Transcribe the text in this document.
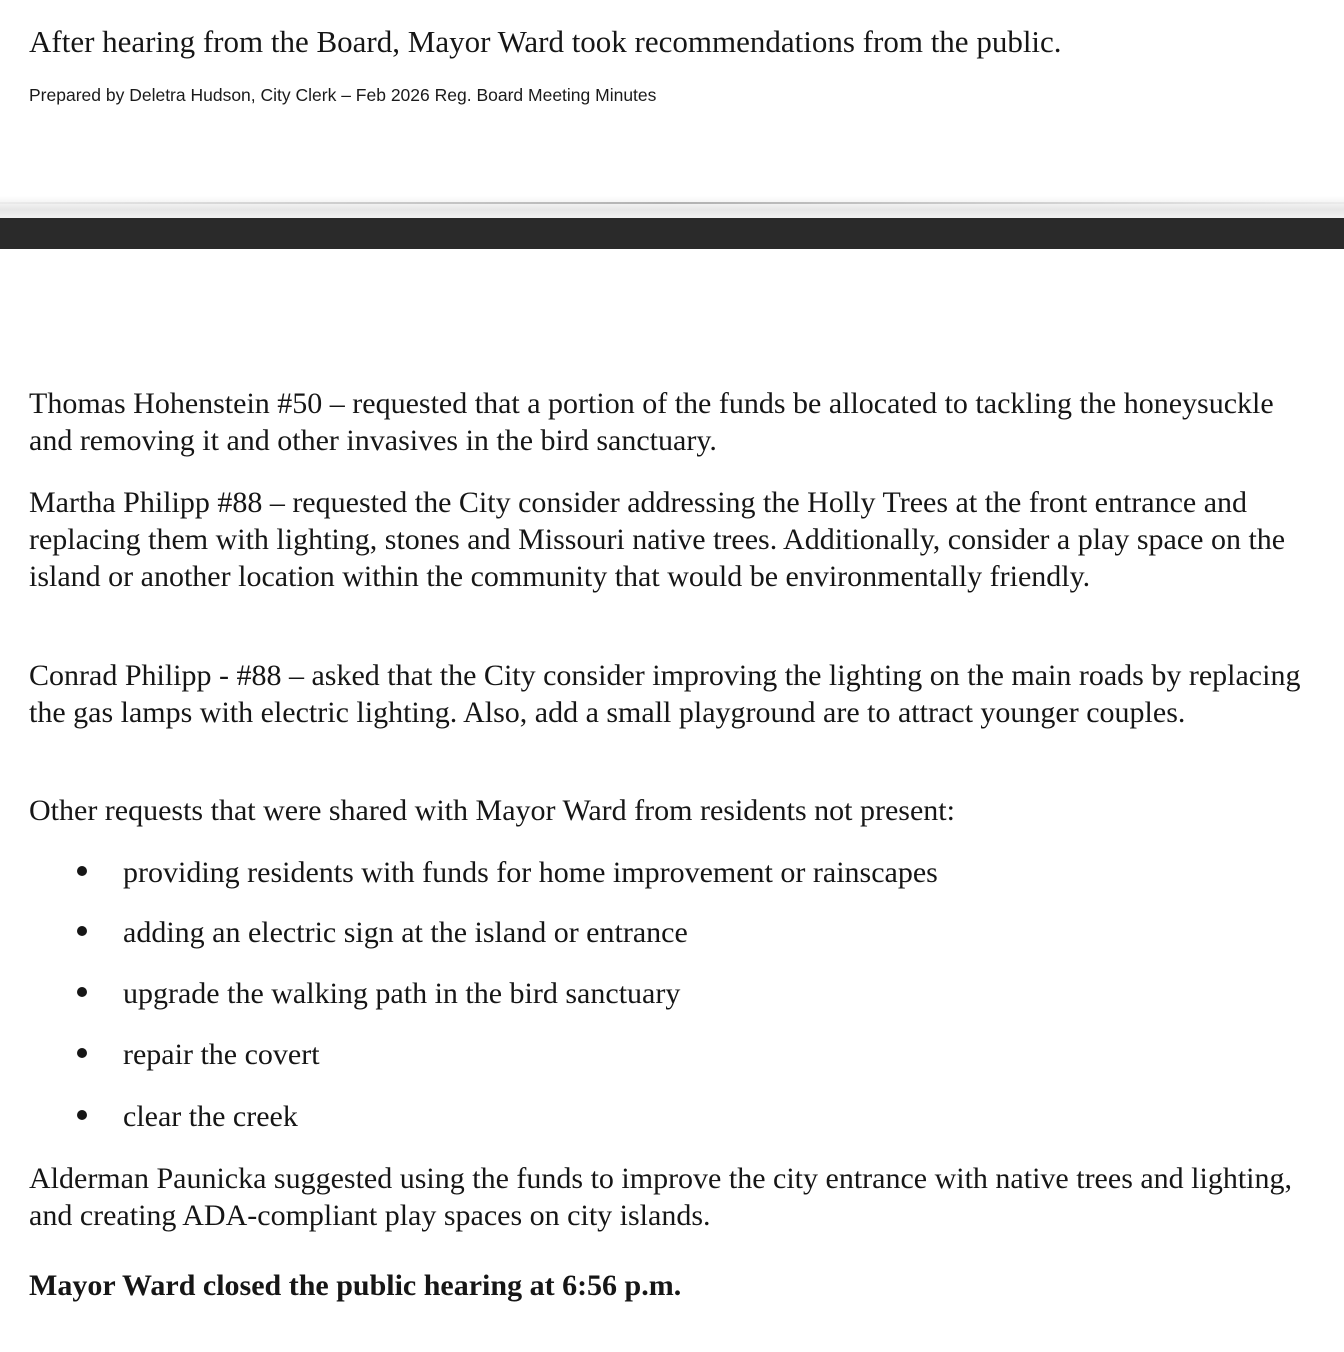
After hearing from the Board, Mayor Ward took recommendations from the public.
Prepared by Deletra Hudson, City Clerk – Feb 2026 Reg. Board Meeting Minutes

Thomas Hohenstein #50 – requested that a portion of the funds be allocated to tackling the honeysuckle and removing it and other invasives in the bird sanctuary.

Martha Philipp #88 – requested the City consider addressing the Holly Trees at the front entrance and replacing them with lighting, stones and Missouri native trees. Additionally, consider a play space on the island or another location within the community that would be environmentally friendly.

Conrad Philipp - #88 – asked that the City consider improving the lighting on the main roads by replacing the gas lamps with electric lighting. Also, add a small playground are to attract younger couples.

Other requests that were shared with Mayor Ward from residents not present:

providing residents with funds for home improvement or rainscapes
adding an electric sign at the island or entrance
upgrade the walking path in the bird sanctuary
repair the covert
clear the creek

Alderman Paunicka suggested using the funds to improve the city entrance with native trees and lighting, and creating ADA-compliant play spaces on city islands.

Mayor Ward closed the public hearing at 6:56 p.m.
